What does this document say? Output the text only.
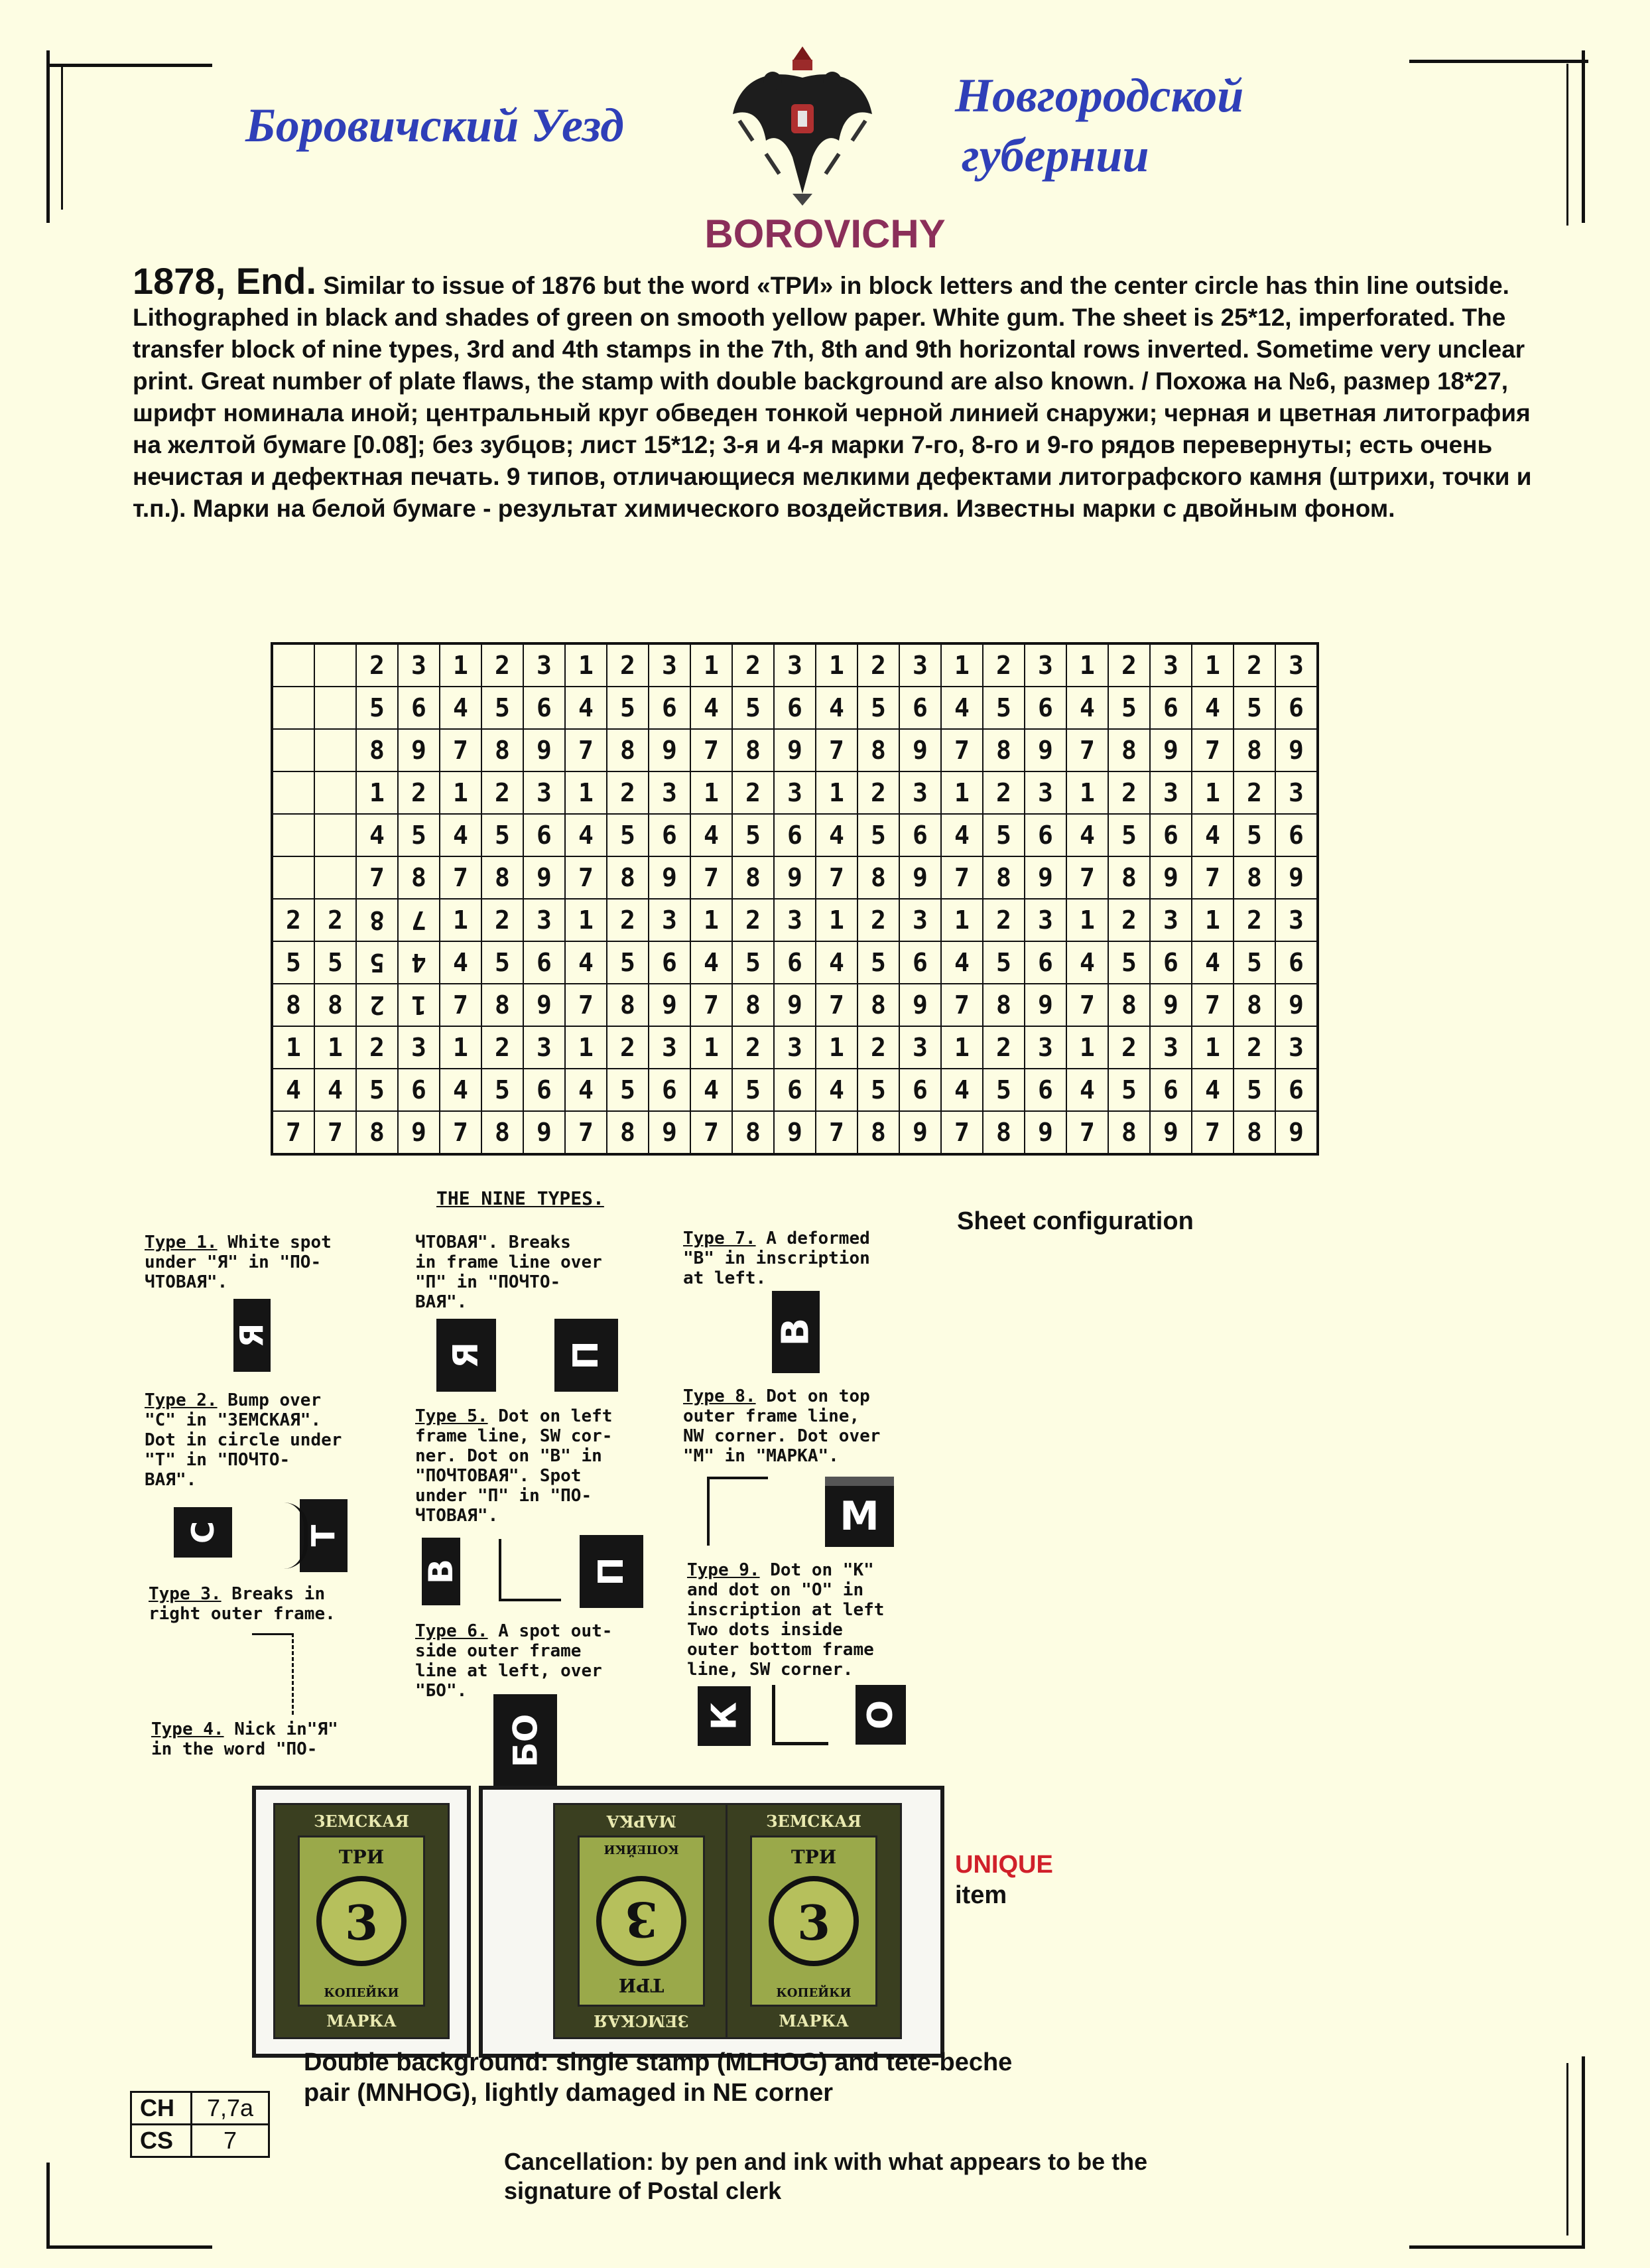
Боровичский Уезд
Новгородской
губернии
BOROVICHY
1878, End. Similar to issue of 1876 but the word «ТРИ» in block letters and the center circle has thin line outside. Lithographed in black and shades of green on smooth yellow paper. White gum. The sheet is 25*12, imperforated. The transfer block of nine types, 3rd and 4th stamps in the 7th, 8th and 9th horizontal rows inverted. Sometime very unclear print. Great number of plate flaws, the stamp with double background are also known. / Похожа на №6, размер 18*27, шрифт номинала иной; центральный круг обведен тонкой черной линией снаружи; черная и цветная литография на желтой бумаге [0.08]; без зубцов; лист 15*12; 3-я и 4-я марки 7-го, 8-го и 9-го рядов перевернуты; есть очень нечистая и дефектная печать. 9 типов, отличающиеся мелкими дефектами литографского камня (штрихи, точки и т.п.). Марки на белой бумаге - результат химического воздействия. Известны марки с двойным фоном.
		2	3	1	2	3	1	2	3	1	2	3	1	2	3	1	2	3	1	2	3	1	2	3
		5	6	4	5	6	4	5	6	4	5	6	4	5	6	4	5	6	4	5	6	4	5	6
		8	9	7	8	9	7	8	9	7	8	9	7	8	9	7	8	9	7	8	9	7	8	9
		1	2	1	2	3	1	2	3	1	2	3	1	2	3	1	2	3	1	2	3	1	2	3
		4	5	4	5	6	4	5	6	4	5	6	4	5	6	4	5	6	4	5	6	4	5	6
		7	8	7	8	9	7	8	9	7	8	9	7	8	9	7	8	9	7	8	9	7	8	9
2	2	8	7	1	2	3	1	2	3	1	2	3	1	2	3	1	2	3	1	2	3	1	2	3
5	5	5	4	4	5	6	4	5	6	4	5	6	4	5	6	4	5	6	4	5	6	4	5	6
8	8	2	1	7	8	9	7	8	9	7	8	9	7	8	9	7	8	9	7	8	9	7	8	9
1	1	2	3	1	2	3	1	2	3	1	2	3	1	2	3	1	2	3	1	2	3	1	2	3
4	4	5	6	4	5	6	4	5	6	4	5	6	4	5	6	4	5	6	4	5	6	4	5	6
7	7	8	9	7	8	9	7	8	9	7	8	9	7	8	9	7	8	9	7	8	9	7	8	9
Sheet configuration
THE NINE TYPES.
Type 1. White spot
under "Я" in "ПО-
ЧТОВАЯ".
Я
Type 2. Bump over
"С" in "ЗЕМСКАЯ".
Dot in circle under
"Т" in "ПОЧТО-
ВАЯ".
С	Т
Type 3. Breaks in
right outer frame.
Type 4. Nick in"Я"
in the word "ПО-
ЧТОВАЯ". Breaks
in frame line over
"П" in "ПОЧТО-
ВАЯ".
Я	П
Type 5. Dot on left
frame line, SW cor-
ner. Dot on "В" in
"ПОЧТОВАЯ". Spot
under "П" in "ПО-
ЧТОВАЯ".
В	П
Type 6. A spot out-
side outer frame
line at left, over
"БО".
БО
Type 7. A deformed
"В" in inscription
at left.
В
Type 8. Dot on top
outer frame line,
NW corner. Dot over
"М" in "МАРКА".
М
Type 9. Dot on "К"
and dot on "О" in
inscription at left
Two dots inside
outer bottom frame
line, SW corner.
К	О
ЗЕМСКАЯ
ТРИ
3
КОПЕЙКИ
МАРКА	ЗЕМСКАЯ
ТРИ
3
КОПЕЙКИ
МАРКА	ЗЕМСКАЯ
ТРИ
3
КОПЕЙКИ
МАРКА
UNIQUE
item
Double background: single stamp (MLHOG) and tete-beche
pair (MNHOG), lightly damaged in NE corner
CH	7,7a
CS	7
Cancellation: by pen and ink with what appears to be the
signature of Postal clerk
